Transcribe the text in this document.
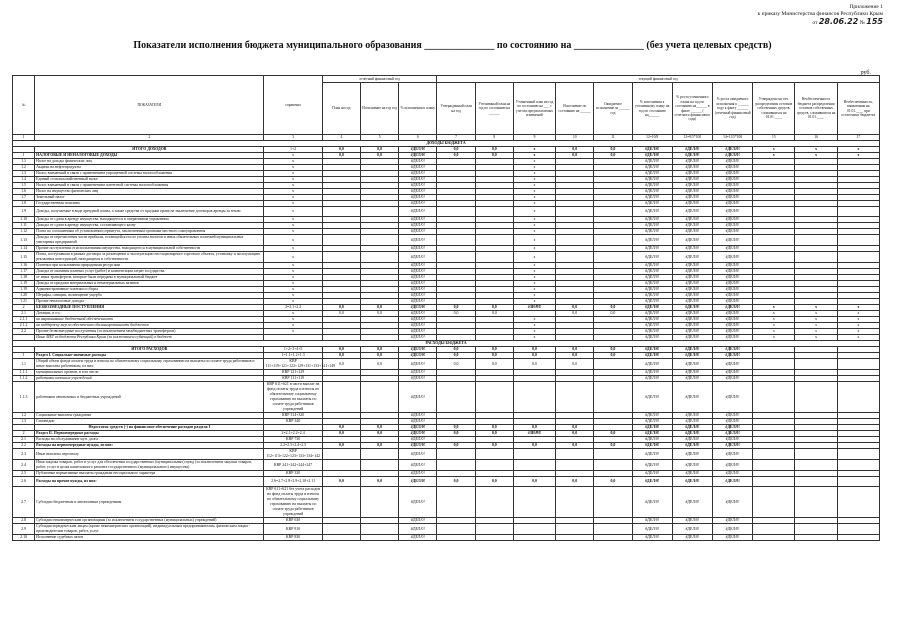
Приложение 1
к приказу Министерства финансов Республики Крым
от 28.06.22 № 155
Показатели исполнения бюджета муниципального образования ______________ по состоянию на ______________ (без учета целевых средств)
руб.
№	ПОКАЗАТЕЛИ	справочно	отчетный финансовый год			текущий финансовый год										
			План на год	Исполнение на год год	% исполнения к плану	Утвержденный план на год	Уточненный план на год по состоянию на ______	Уточненный план на год по состоянию на ___ с учетом предполагаемых изменений	Исполнение по состоянию на ______	Ожидаемое исполнение за ______ год	% исполнения к уточненному плану на год по состоянию на______	% роста уточненного плана на год по состоянию на______ в факте ______ ( отчетного финансового года)	% роста ожидаемого исполнения к ______ году к факту ______ (отчетный финансовый год)	Утверждено на отч. распределения остатков собственных средств, сложившихся на 01.01.____	Необеспеченность бюджета распределения остатков собственных средств, сложившихся на 01.01.____	Необеспеченность, выявленная на 01.01.____ при остаточных бюджетах
1	2	3	4	5	6	7	8	9	10	11	12=10/8	13=8/5*100	14=11/5*100	15	16	17
ДОХОДЫ БЮДЖЕТА																
	ИТОГО ДОХОДОВ	1+2	0,0	0,0	#ДЕЛ/0!	0,0	0,0	x	0,0	0,0	#ДЕЛ/0!	#ДЕЛ/0!	#ДЕЛ/0!	x	x	x
1	НАЛОГОВЫЕ И НЕНАЛОГОВЫЕ ДОХОДЫ	x	0,0	0,0	#ДЕЛ/0!	0,0	0,0	x	0,0	0,0	#ДЕЛ/0!	#ДЕЛ/0!	#ДЕЛ/0!	x	x	x
1.1	Налог на доходы физических лиц	x			#ДЕЛ/0!			x			#ДЕЛ/0!	#ДЕЛ/0!	#ДЕЛ/0!			
1.2	Акцизы на нефтепродукты	x			#ДЕЛ/0!			x			#ДЕЛ/0!	#ДЕЛ/0!	#ДЕЛ/0!			
1.3	Налог, взимаемый в связи с применением упрощенной системы налогообложения	x			#ДЕЛ/0!			x			#ДЕЛ/0!	#ДЕЛ/0!	#ДЕЛ/0!			
1.4	Единый сельскохозяйственный налог	x			#ДЕЛ/0!			x			#ДЕЛ/0!	#ДЕЛ/0!	#ДЕЛ/0!			
1.5	Налог, взимаемый в связи с применением патентной системы налогообложения	x			#ДЕЛ/0!			x			#ДЕЛ/0!	#ДЕЛ/0!	#ДЕЛ/0!			
1.6	Налог на имущество физических лиц	x			#ДЕЛ/0!			x			#ДЕЛ/0!	#ДЕЛ/0!	#ДЕЛ/0!			
1.7	Земельный налог	x			#ДЕЛ/0!			x			#ДЕЛ/0!	#ДЕЛ/0!	#ДЕЛ/0!			
1.8	Государственная пошлина	x			#ДЕЛ/0!			x			#ДЕЛ/0!	#ДЕЛ/0!	#ДЕЛ/0!			
1.9	Доходы, получаемые в виде арендной платы, а также средства от продажи права на заключение договоров аренды за земли	x			#ДЕЛ/0!			x			#ДЕЛ/0!	#ДЕЛ/0!	#ДЕЛ/0!			
1.10	Доходы от сдачи в аренду имущества, находящегося в оперативном управлении	x			#ДЕЛ/0!			x			#ДЕЛ/0!	#ДЕЛ/0!	#ДЕЛ/0!			
1.11	Доходы от сдачи в аренду имущества, составляющего казну	x			#ДЕЛ/0!			x			#ДЕЛ/0!	#ДЕЛ/0!	#ДЕЛ/0!			
1.12	Плата по соглашениям об установлении сервитута, заключенным органами местного самоуправления	x			#ДЕЛ/0!			x			#ДЕЛ/0!	#ДЕЛ/0!	#ДЕЛ/0!			
1.13	Доходы от перечисления части прибыли, остающейся после уплаты налогов и иных обязательных платежей муниципальных унитарных предприятий	x			#ДЕЛ/0!			x			#ДЕЛ/0!	#ДЕЛ/0!	#ДЕЛ/0!			
1.14	Прочие поступления от использования имущества, находящегося в муниципальной собственности	x			#ДЕЛ/0!			x			#ДЕЛ/0!	#ДЕЛ/0!	#ДЕЛ/0!			
1.15	Плата, поступившая в рамках договора за размещение и эксплуатацию нестационарного торгового объекта, установку и эксплуатацию рекламных конструкций, находящихся в собственности	x			#ДЕЛ/0!			x			#ДЕЛ/0!	#ДЕЛ/0!	#ДЕЛ/0!			
1.16	Платежи при пользовании природными ресурсами	x			#ДЕЛ/0!			x			#ДЕЛ/0!	#ДЕЛ/0!	#ДЕЛ/0!			
1.17	Доходы от оказания платных услуг (работ) и компенсации затрат государства	x			#ДЕЛ/0!			x			#ДЕЛ/0!	#ДЕЛ/0!	#ДЕЛ/0!			
1.18	от иных трансфертов, которые были переданы в муниципальный бюджет	x			#ДЕЛ/0!			x			#ДЕЛ/0!	#ДЕЛ/0!	#ДЕЛ/0!			
1.19	Доходы от продажи материальных и нематериальных активов	x			#ДЕЛ/0!			x			#ДЕЛ/0!	#ДЕЛ/0!	#ДЕЛ/0!			
1.19	Административные платежи и сборы	x			#ДЕЛ/0!			x			#ДЕЛ/0!	#ДЕЛ/0!	#ДЕЛ/0!			
1.20	Штрафы, санкции, возмещение ущерба	x			#ДЕЛ/0!			x			#ДЕЛ/0!	#ДЕЛ/0!	#ДЕЛ/0!			
1.21	Прочие неналоговые доходы	x			#ДЕЛ/0!			x			#ДЕЛ/0!	#ДЕЛ/0!	#ДЕЛ/0!			
2	БЕЗВОЗМЕЗДНЫЕ ПОСТУПЛЕНИЯ	2=2.1+2.2	0,0	0,0	#ДЕЛ/0!	0,0	0,0	#ЗНАЧ!	0,0	0,0	#ДЕЛ/0!	#ДЕЛ/0!	#ДЕЛ/0!	x	x	x
2.1	Дотации, в т.ч.:	x	0,0	0,0	#ДЕЛ/0!	0,0	0,0		0,0	0,0	#ДЕЛ/0!	#ДЕЛ/0!	#ДЕЛ/0!	x	x	x
2.1.1	на выравнивание бюджетной обеспеченности	x			#ДЕЛ/0!			x			#ДЕЛ/0!	#ДЕЛ/0!	#ДЕЛ/0!	x	x	x
2.1.2	на поддержку мер по обеспечению сбалансированности бюджетов	x			#ДЕЛ/0!			x			#ДЕЛ/0!	#ДЕЛ/0!	#ДЕЛ/0!	x	x	x
2.2	Прочие безвозмездные поступления (за исключением межбюджетных трансфертов)	x			#ДЕЛ/0!			x			#ДЕЛ/0!	#ДЕЛ/0!	#ДЕЛ/0!	x	x	x
	Иные МБТ из бюджета Республики Крым (за исключением субвенций) в бюджет				#ДЕЛ/0!			x			#ДЕЛ/0!	#ДЕЛ/0!	#ДЕЛ/0!	x	x	x
РАСХОДЫ БЮДЖЕТА																
	ИТОГО РАСХОДОВ	1+2+3+4+5	0,0	0,0	#ДЕЛ/0!	0,0	0,0	0,0	0,0	0,0	#ДЕЛ/0!	#ДЕЛ/0!	#ДЕЛ/0!			
1	Раздел I. Социально-значимые расходы	1=1.1+1.2+1.3	0,0	0,0	#ДЕЛ/0!	0,0	0,0	0,0	0,0	0,0	#ДЕЛ/0!	#ДЕЛ/0!	#ДЕЛ/0!			
1.1	Общий объем фонда оплаты труда и взносы по обязательному социальному страхованию на выплаты по оплате труда работников и иные выплаты работникам, из них:	КВР 111+119+121+122+129+131+133+141+149	0,0	0,0	#ДЕЛ/0!	0,0	0,0	0,0	0,0		#ДЕЛ/0!	#ДЕЛ/0!	#ДЕЛ/0!			
1.1.1	муниципальных органов, в том числе:	КВР 121+129			#ДЕЛ/0!						#ДЕЛ/0!	#ДЕЛ/0!	#ДЕЛ/0!			
1.1.2	работники казенных учреждений	КВР 111+119			#ДЕЛ/0!						#ДЕЛ/0!	#ДЕЛ/0!	#ДЕЛ/0!			
1.1.3	работников автономных и бюджетных учреждений	КВР 611+621 в части выплат на фонд оплаты труда и взносы по обязательному социальному страхованию на выплаты по оплате труда работников учреждений			#ДЕЛ/0!						#ДЕЛ/0!	#ДЕЛ/0!	#ДЕЛ/0!			
1.2	Социальные выплаты гражданам	КВР 314+320			#ДЕЛ/0!						#ДЕЛ/0!	#ДЕЛ/0!	#ДЕЛ/0!			
1.3	Стипендии	КВР 340			#ДЕЛ/0!						#ДЕЛ/0!	#ДЕЛ/0!	#ДЕЛ/0!			
	Недостаток средств (-) на финансовое обеспечение расходов раздела I		0,0	0,0	#ДЕЛ/0!	0,0	0,0	0,0	0,0		#ДЕЛ/0!	#ДЕЛ/0!	#ДЕЛ/0!			
2	Раздел II. Первоочередные расходы	2=2.1+2.2+2.4	0,0	0,0	#ДЕЛ/0!	0,0	0,0	#ЗНАЧ!	0,0	0,0	#ДЕЛ/0!	#ДЕЛ/0!	#ДЕЛ/0!			
2.1	Расходы на обслуживание мун. долга	КВР 730			#ДЕЛ/0!						#ДЕЛ/0!	#ДЕЛ/0!	#ДЕЛ/0!			
2.2	Расходы на первоочередные нужды, из них:	2.2=2.3+2.4+2.5	0,0	0,0	#ДЕЛ/0!	0,0	0,0	0,0	0,0	0,0	#ДЕЛ/0!	#ДЕЛ/0!	#ДЕЛ/0!			
2.3	Иные выплаты персоналу	КВР 112+113+122+123+133+134+142			#ДЕЛ/0!						#ДЕЛ/0!	#ДЕЛ/0!	#ДЕЛ/0!			
2.4	Иная закупка товаров, работ и услуг для обеспечения государственных (муниципальных) нужд (за исключением закупки товаров, работ, услуг в целях капитального ремонта государственного (муниципального) имущества)	КВР 241+242+244+247			#ДЕЛ/0!						#ДЕЛ/0!	#ДЕЛ/0!	#ДЕЛ/0!			
2.5	Публичные нормативные выплаты гражданам несоциального характера	КВР 330			#ДЕЛ/0!						#ДЕЛ/0!	#ДЕЛ/0!	#ДЕЛ/0!			
2.6	Расходы на прочие нужды, из них:	2.6=2.7+2.8+2.9+2.10+2.11	0,0	0,0	#ДЕЛ/0!	0,0	0,0	0,0	0,0	0,0	#ДЕЛ/0!	#ДЕЛ/0!	#ДЕЛ/0!			
2.7	Субсидии бюджетным и автономным учреждениям	КВР 611+621 без учета расходов на фонд оплаты труда и взносы по обязательному социальному страхованию на выплаты по оплате труда работников учреждений			#ДЕЛ/0!						#ДЕЛ/0!	#ДЕЛ/0!	#ДЕЛ/0!			
2.8	Субсидии некоммерческим организациям (за исключением государственных (муниципальных) учреждений)	КВР 630			#ДЕЛ/0!						#ДЕЛ/0!	#ДЕЛ/0!	#ДЕЛ/0!			
2.9	Субсидии юридическим лицам (кроме некоммерческих организаций), индивидуальным предпринимателям, физическим лицам - производителям товаров, работ, услуг	КВР 810			#ДЕЛ/0!						#ДЕЛ/0!	#ДЕЛ/0!	#ДЕЛ/0!			
2.10	Исполнение судебных актов	КВР 830			#ДЕЛ/0!						#ДЕЛ/0!	#ДЕЛ/0!	#ДЕЛ/0!			
